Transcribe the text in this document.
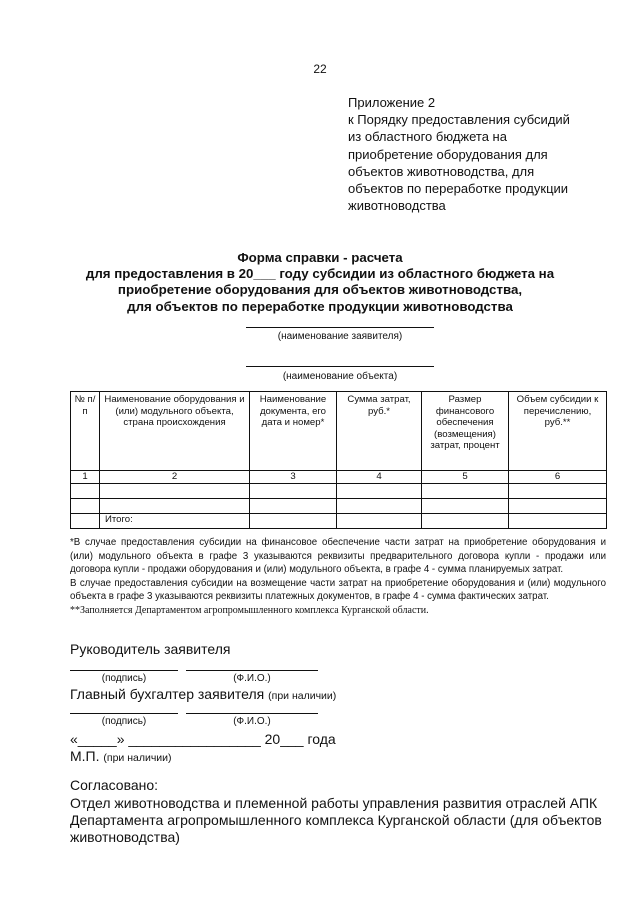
22
Приложение 2
к Порядку предоставления субсидий
из областного бюджета на
приобретение оборудования для
объектов животноводства, для
объектов по переработке продукции
животноводства
Форма справки - расчета
для предоставления в 20___ году субсидии из областного бюджета на
приобретение оборудования для объектов животноводства,
для объектов по переработке продукции животноводства
(наименование заявителя)
(наименование объекта)
№ п/п	Наименование оборудования и (или) модульного объекта, страна происхождения	Наименование документа, его дата и номер*	Сумма затрат, руб.*	Размер финансового обеспечения (возмещения) затрат, процент	Объем субсидии к перечислению, руб.**
1	2	3	4	5	6

	Итого:				

*В случае предоставления субсидии на финансовое обеспечение части затрат на приобретение оборудования и (или) модульного объекта в графе 3 указываются реквизиты предварительного договора купли - продажи или договора купли - продажи оборудования и (или) модульного объекта, в графе 4 - сумма планируемых затрат.

В случае предоставления субсидии на возмещение части затрат на приобретение оборудования и (или) модульного объекта в графе 3 указываются реквизиты платежных документов, в графе 4 - сумма фактических затрат.

**Заполняется Департаментом агропромышленного комплекса Курганской области.

Руководитель заявителя
(подпись)	(Ф.И.О.)
Главный бухгалтер заявителя (при наличии)
(подпись)	(Ф.И.О.)
«_____» _________________ 20___ года
М.П. (при наличии)
Согласовано:
Отдел животноводства и племенной работы управления развития отраслей АПК Департамента агропромышленного комплекса Курганской области (для объектов животноводства)
